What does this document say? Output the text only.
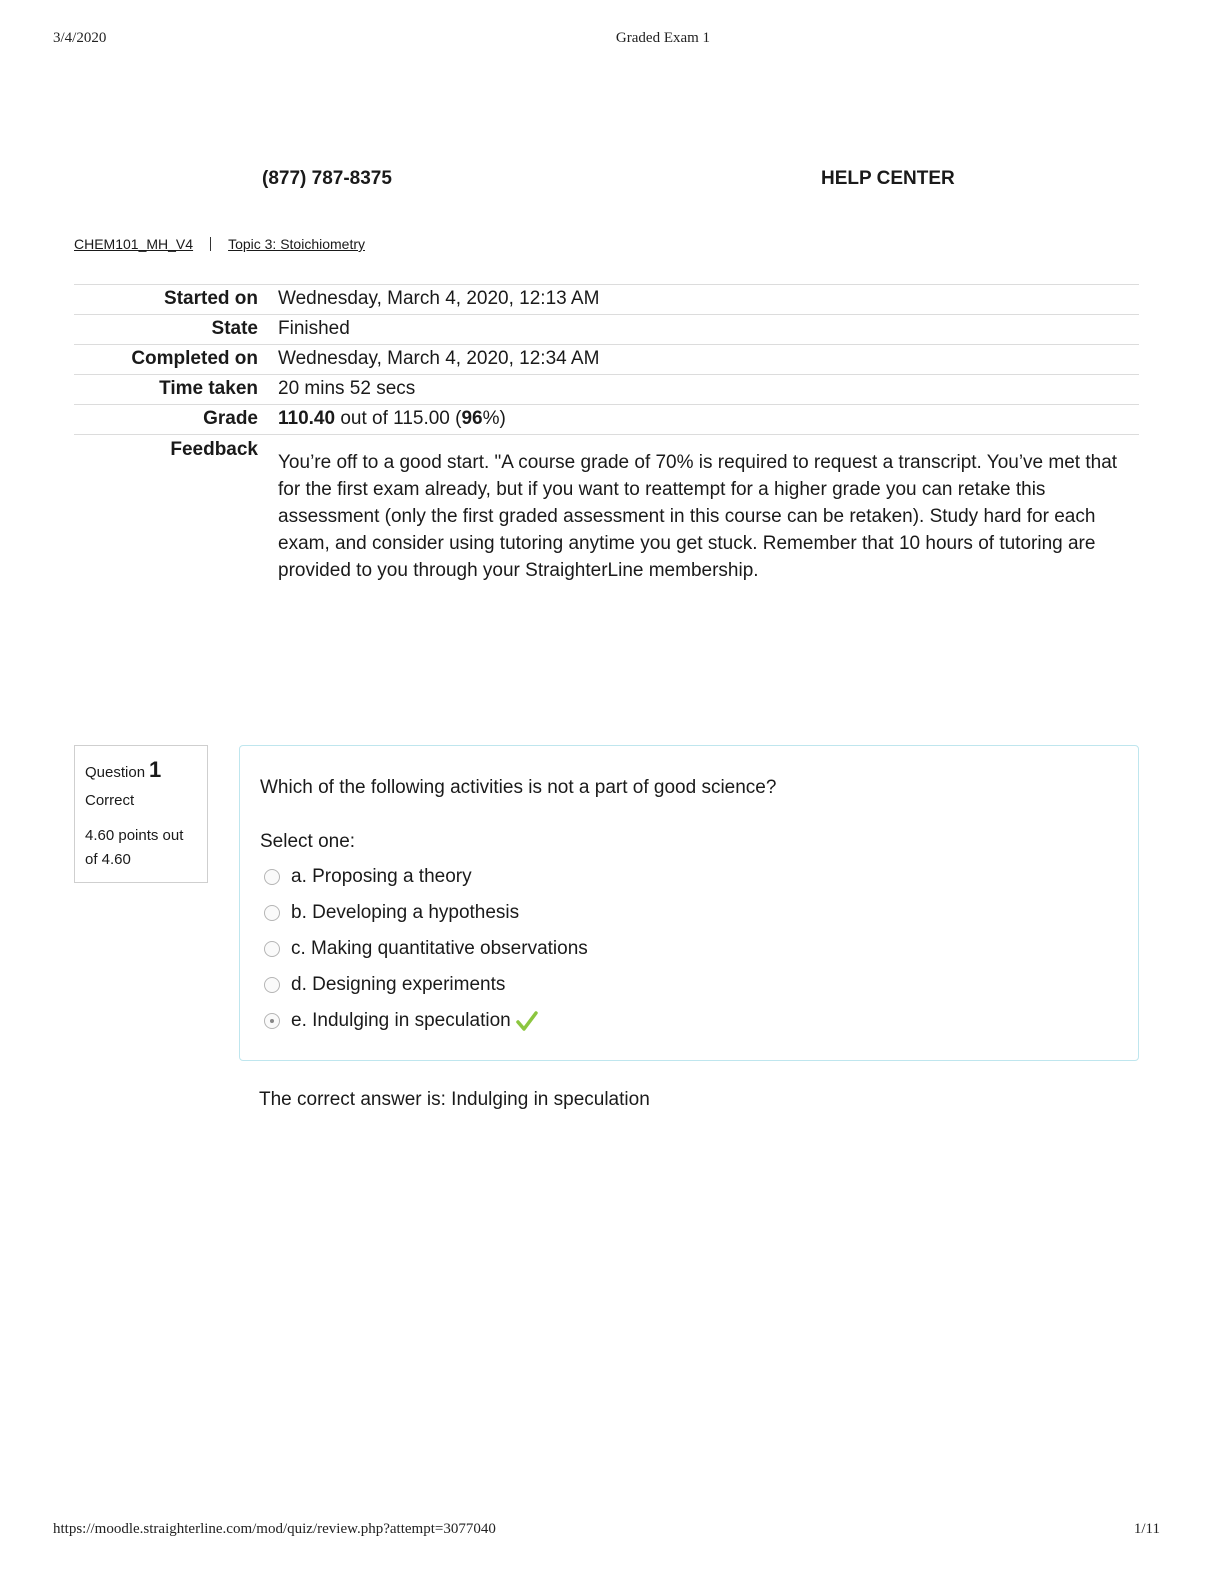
3/4/2020	Graded Exam 1
(877) 787-8375	HELP CENTER
CHEM101_MH_V4	Topic 3: Stoichiometry
Started on	Wednesday, March 4, 2020, 12:13 AM
State	Finished
Completed on	Wednesday, March 4, 2020, 12:34 AM
Time taken	20 mins 52 secs
Grade	110.40 out of 115.00 (96%)
Feedback	You’re off to a good start. "A course grade of 70% is required to request a transcript. You’ve met that for the first exam already, but if you want to reattempt for a higher grade you can retake this assessment (only the first graded assessment in this course can be retaken). Study hard for each exam, and consider using tutoring anytime you get stuck. Remember that 10 hours of tutoring are provided to you through your StraighterLine membership.
Question 1
Correct
4.60 points out of 4.60

Which of the following activities is not a part of good science?

Select one:
a. Proposing a theory
b. Developing a hypothesis
c. Making quantitative observations
d. Designing experiments
e. Indulging in speculation
The correct answer is: Indulging in speculation
https://moodle.straighterline.com/mod/quiz/review.php?attempt=3077040	1/11
